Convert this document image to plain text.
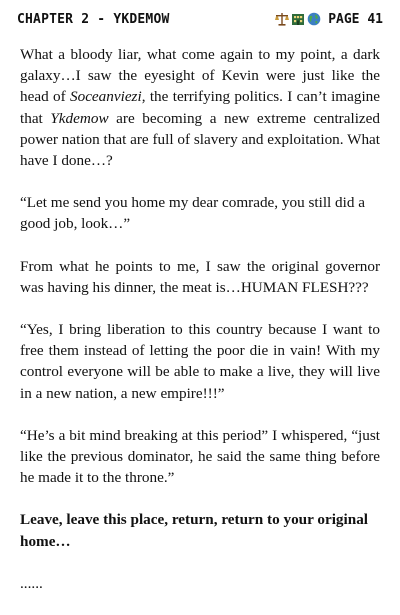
CHAPTER 2 - YKDEMOW	PAGE 41

What a bloody liar, what come again to my point, a dark galaxy…I saw the eyesight of Kevin were just like the head of Soceanviezi, the terrifying politics. I can’t imagine that Ykdemow are becoming a new extreme centralized power nation that are full of slavery and exploitation. What have I done…?

“Let me send you home my dear comrade, you still did a good job, look…”

From what he points to me, I saw the original governor was having his dinner, the meat is…HUMAN FLESH???

“Yes, I bring liberation to this country because I want to free them instead of letting the poor die in vain! With my control everyone will be able to make a live, they will live in a new nation, a new empire!!!”

“He’s a bit mind breaking at this period” I whispered, “just like the previous dominator, he said the same thing before he made it to the throne.”

Leave, leave this place, return, return to your original home…

......
